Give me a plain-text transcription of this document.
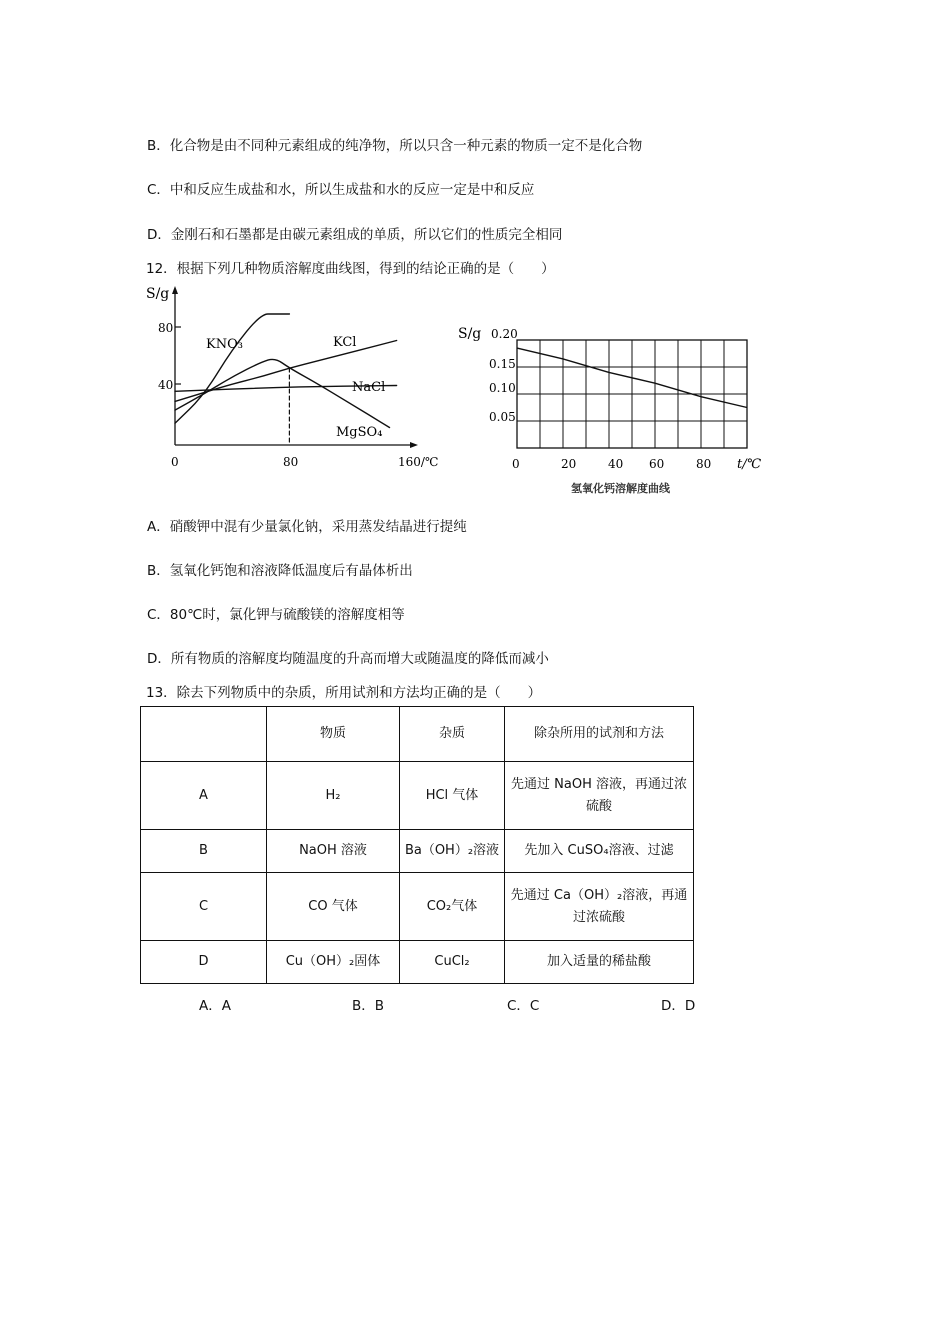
B．化合物是由不同种元素组成的纯净物，所以只含一种元素的物质一定不是化合物
C．中和反应生成盐和水，所以生成盐和水的反应一定是中和反应
D．金刚石和石墨都是由碳元素组成的单质，所以它们的性质完全相同
12．根据下列几种物质溶解度曲线图，得到的结论正确的是（　　）
S/g
80
40
0	80	160/℃
KNO₃	KCl
NaCl
MgSO₄
S/g 0.20
0.15
0.10
0.05
0	20	40 60	80 t/℃
氢氧化钙溶解度曲线
A．硝酸钾中混有少量氯化钠，采用蒸发结晶进行提纯
B．氢氧化钙饱和溶液降低温度后有晶体析出
C．80℃时，氯化钾与硫酸镁的溶解度相等
D．所有物质的溶解度均随温度的升高而增大或随温度的降低而减小
13．除去下列物质中的杂质，所用试剂和方法均正确的是（　　）
	物质	杂质	除杂所用的试剂和方法
A	H₂	HCl 气体	先通过 NaOH 溶液，再通过浓硫酸
B	NaOH 溶液	Ba（OH）₂溶液	先加入 CuSO₄溶液、过滤
C	CO 气体	CO₂气体	先通过 Ca（OH）₂溶液，再通过浓硫酸
D	Cu（OH）₂固体	CuCl₂	加入适量的稀盐酸
A．A	B．B	C．C	D．D
